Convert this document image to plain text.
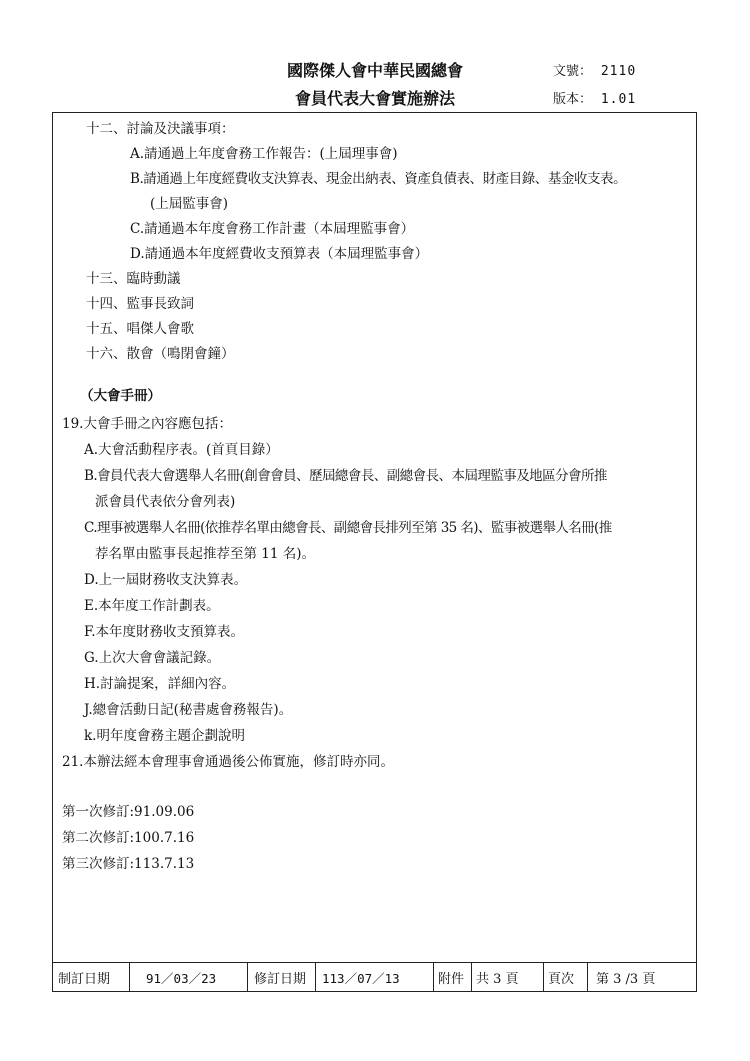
國際傑人會中華民國總會
會員代表大會實施辦法
文號： 2110
版本： 1.01
十二、討論及決議事項：
A.請通過上年度會務工作報告：(上屆理事會)
B.請通過上年度經費收支決算表、現金出納表、資產負債表、財產目錄、基金收支表。
(上屆監事會)
C.請通過本年度會務工作計畫（本屆理監事會）
D.請通過本年度經費收支預算表（本屆理監事會）
十三、臨時動議
十四、監事長致詞
十五、唱傑人會歌
十六、散會（鳴閉會鐘）
（大會手冊）
19.大會手冊之內容應包括：
A.大會活動程序表。(首頁目錄）
B.會員代表大會選舉人名冊(創會會員、歷屆總會長、副總會長、本屆理監事及地區分會所推
派會員代表依分會列表)
C.理事被選舉人名冊(依推荐名單由總會長、副總會長排列至第 35 名)、監事被選舉人名冊(推
荐名單由監事長起推荐至第 11 名)。
D.上一屆財務收支決算表。
E.本年度工作計劃表。
F.本年度財務收支預算表。
G.上次大會會議記錄。
H.討論提案，詳細內容。
J.總會活動日記(秘書處會務報告)。
k.明年度會務主題企劃說明
21.本辦法經本會理事會通過後公佈實施，修訂時亦同。
第一次修訂:91.09.06
第二次修訂:100.7.16
第三次修訂:113.7.13
制訂日期	91／03／23	修訂日期	113／07／13	附件 共 3 頁	頁次	第 3 /3 頁
